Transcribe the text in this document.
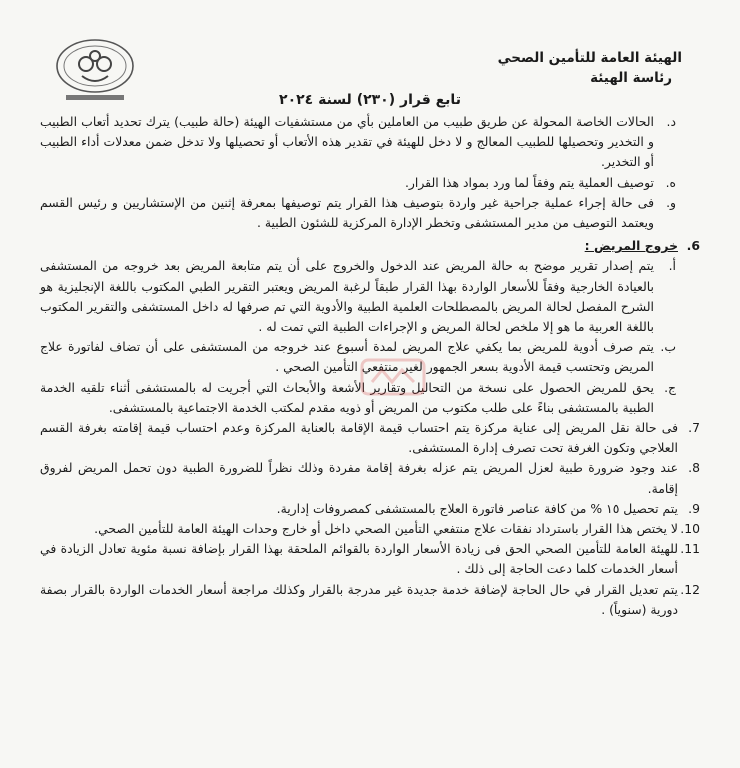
الهيئة العامة للتأمين الصحي
رئاسة الهيئة
تابع قرار (٢٣٠) لسنة ٢٠٢٤
د.
الحالات الخاصة المحولة عن طريق طبيب من العاملين بأي من مستشفيات الهيئة (حالة طبيب) يترك تحديد أتعاب الطبيب و التخدير وتحصيلها للطبيب المعالج و لا دخل للهيئة في تقدير هذه الأتعاب أو تحصيلها ولا تدخل ضمن معدلات أداء الطبيب أو التخدير.
ه.
توصيف العملية يتم وفقاً لما ورد بمواد هذا القرار.
و.
فى حالة إجراء عملية جراحية غير واردة بتوصيف هذا القرار يتم توصيفها بمعرفة إثنين من الإستشاريين و رئيس القسم ويعتمد التوصيف من مدير المستشفى وتخطر الإدارة المركزية للشئون الطبية .
6.
خروج المريض :
أ.
يتم إصدار تقرير موضح به حالة المريض عند الدخول والخروج على أن يتم متابعة المريض بعد خروجه من المستشفى بالعيادة الخارجية وفقاً للأسعار الواردة بهذا القرار طبقاً لرغبة المريض ويعتبر التقرير الطبي المكتوب باللغة الإنجليزية هو الشرح المفصل لحالة المريض بالمصطلحات العلمية الطبية والأدوية التي تم صرفها له داخل المستشفى والتقرير المكتوب باللغة العربية ما هو إلا ملخص لحالة المريض و الإجراءات الطبية التي تمت له .
ب.
يتم صرف أدوية للمريض بما يكفي علاج المريض لمدة أسبوع عند خروجه من المستشفى على أن تضاف لفاتورة علاج المريض وتحتسب قيمة الأدوية بسعر الجمهور لغير منتفعي التأمين الصحي .
ج.
يحق للمريض الحصول على نسخة من التحاليل وتقارير الأشعة والأبحاث التي أجريت له بالمستشفى أثناء تلقيه الخدمة الطبية بالمستشفى بناءً على طلب مكتوب من المريض أو ذويه مقدم لمكتب الخدمة الاجتماعية بالمستشفى.
7.
فى حالة نقل المريض إلى عناية مركزة يتم احتساب قيمة الإقامة بالعناية المركزة وعدم احتساب قيمة إقامته بغرفة القسم العلاجي وتكون الغرفة تحت تصرف إدارة المستشفى.
8.
عند وجود ضرورة طبية لعزل المريض يتم عزله بغرفة إقامة مفردة وذلك نظراً للضرورة الطبية دون تحمل المريض لفروق إقامة.
9.
يتم تحصيل ١٥ % من كافة عناصر فاتورة العلاج بالمستشفى كمصروفات إدارية.
10.
لا يختص هذا القرار باسترداد نفقات علاج منتفعي التأمين الصحي داخل أو خارج وحدات الهيئة العامة للتأمين الصحي.
11.
للهيئة العامة للتأمين الصحي الحق فى زيادة الأسعار الواردة بالقوائم الملحقة بهذا القرار بإضافة نسبة مئوية تعادل الزيادة في أسعار الخدمات كلما دعت الحاجة إلى ذلك .
12.
يتم تعديل القرار في حال الحاجة لإضافة خدمة جديدة غير مدرجة بالقرار وكذلك مراجعة أسعار الخدمات الواردة بالقرار بصفة دورية (سنوياً) .
